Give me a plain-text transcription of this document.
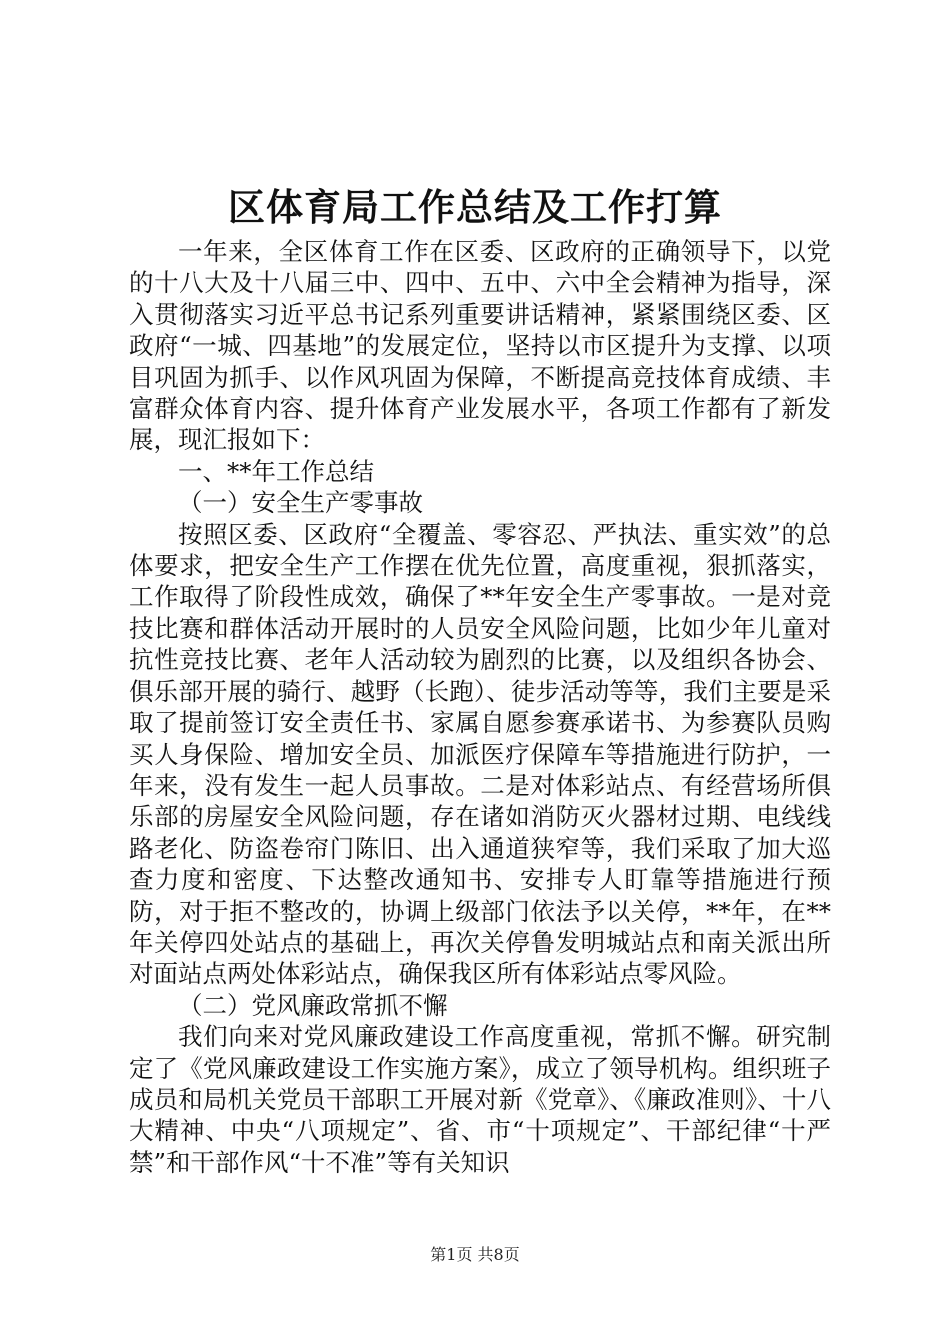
区体育局工作总结及工作打算

一年来，全区体育工作在区委、区政府的正确领导下，以党的十八大及十八届三中、四中、五中、六中全会精神为指导，深入贯彻落实习近平总书记系列重要讲话精神，紧紧围绕区委、区政府“一城、四基地”的发展定位，坚持以市区提升为支撑、以项目巩固为抓手、以作风巩固为保障，不断提高竞技体育成绩、丰富群众体育内容、提升体育产业发展水平，各项工作都有了新发展，现汇报如下：

一、**年工作总结

（一）安全生产零事故

按照区委、区政府“全覆盖、零容忍、严执法、重实效”的总体要求，把安全生产工作摆在优先位置，高度重视，狠抓落实，工作取得了阶段性成效，确保了**年安全生产零事故。一是对竞技比赛和群体活动开展时的人员安全风险问题，比如少年儿童对抗性竞技比赛、老年人活动较为剧烈的比赛，以及组织各协会、俱乐部开展的骑行、越野（长跑）、徒步活动等等，我们主要是采取了提前签订安全责任书、家属自愿参赛承诺书、为参赛队员购买人身保险、增加安全员、加派医疗保障车等措施进行防护，一年来，没有发生一起人员事故。二是对体彩站点、有经营场所俱乐部的房屋安全风险问题，存在诸如消防灭火器材过期、电线线路老化、防盗卷帘门陈旧、出入通道狭窄等，我们采取了加大巡查力度和密度、下达整改通知书、安排专人盯靠等措施进行预防，对于拒不整改的，协调上级部门依法予以关停，**年，在**年关停四处站点的基础上，再次关停鲁发明城站点和南关派出所对面站点两处体彩站点，确保我区所有体彩站点零风险。

（二）党风廉政常抓不懈

我们向来对党风廉政建设工作高度重视，常抓不懈。研究制定了《党风廉政建设工作实施方案》，成立了领导机构。组织班子成员和局机关党员干部职工开展对新《党章》、《廉政准则》、十八大精神、中央“八项规定”、省、市“十项规定”、干部纪律“十严禁”和干部作风“十不准”等有关知识

第1页 共8页
